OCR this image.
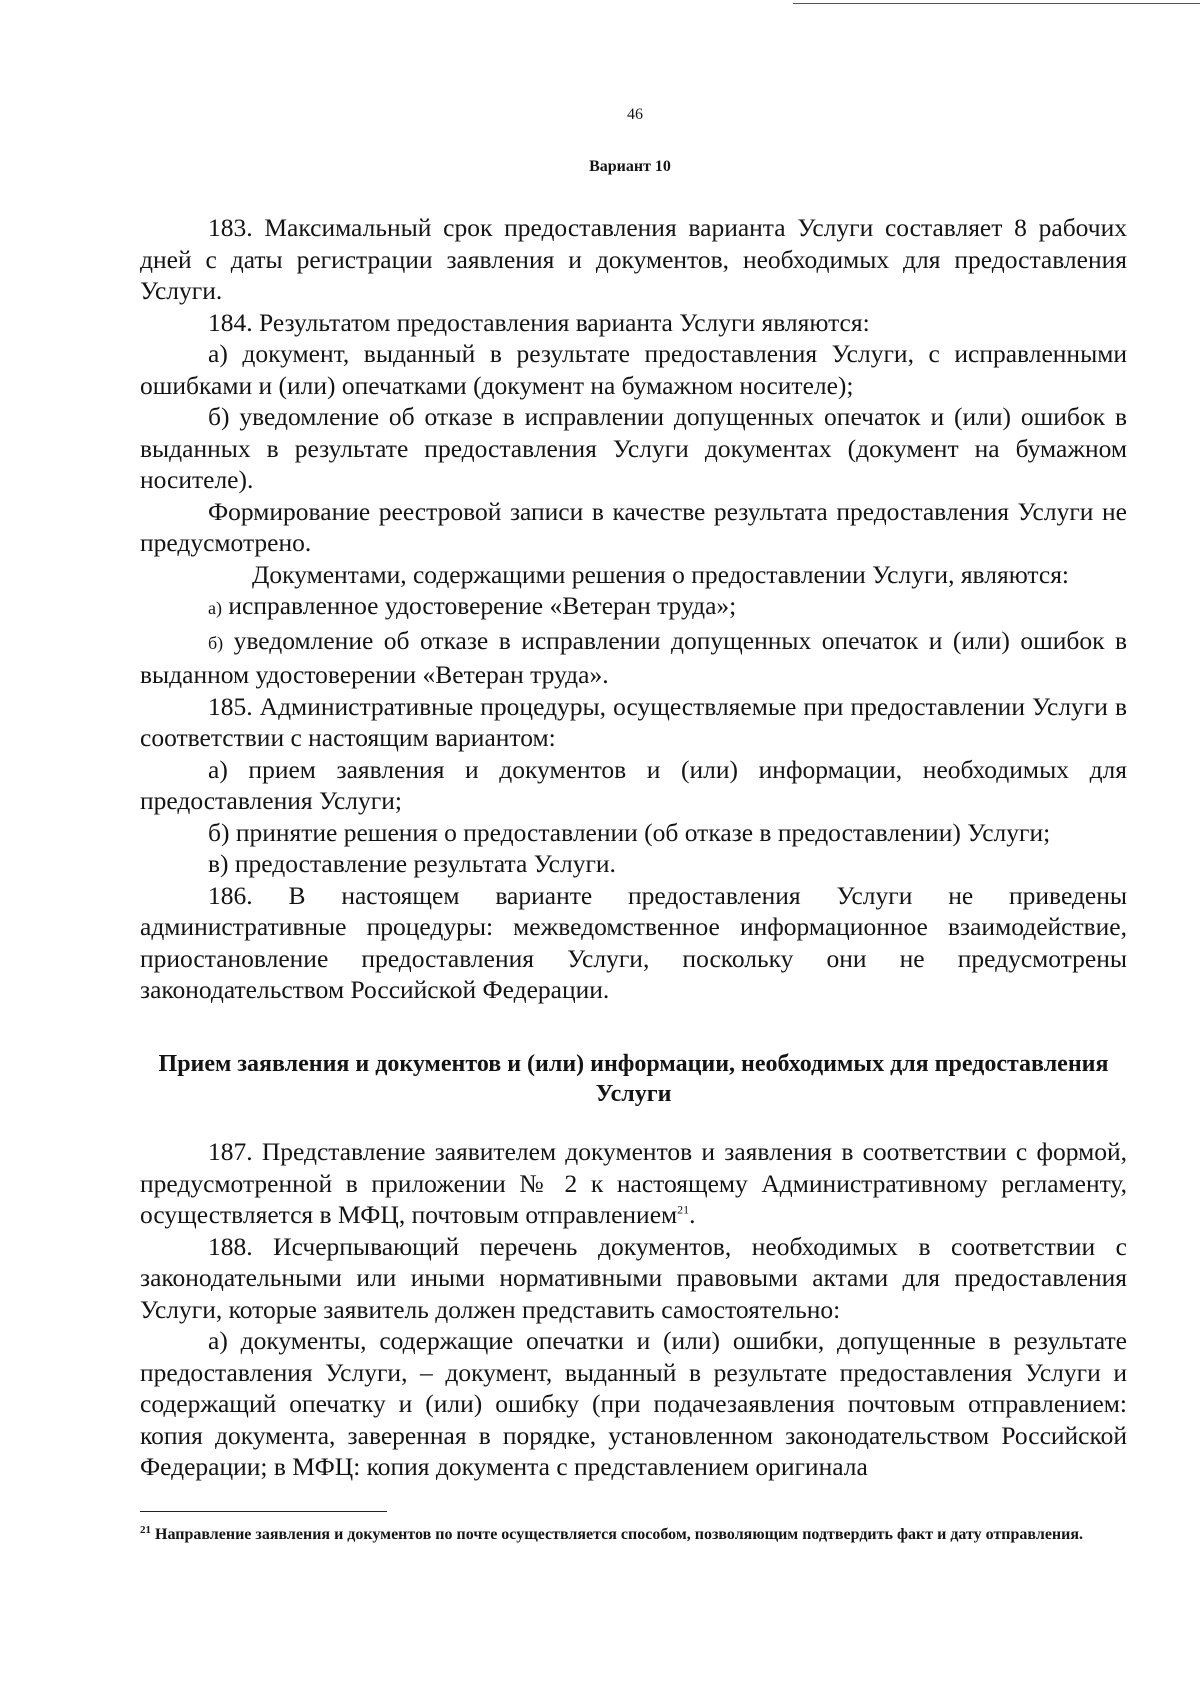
46
Вариант 10

183. Максимальный срок предоставления варианта Услуги составляет 8 рабочих дней с даты регистрации заявления и документов, необходимых для предоставления Услуги.

184. Результатом предоставления варианта Услуги являются:

а) документ, выданный в результате предоставления Услуги, с исправленными ошибками и (или) опечатками (документ на бумажном носителе);

б) уведомление об отказе в исправлении допущенных опечаток и (или) ошибок в выданных в результате предоставления Услуги документах (документ на бумажном носителе).

Формирование реестровой записи в качестве результата предоставления Услуги не предусмотрено.

Документами, содержащими решения о предоставлении Услуги, являются:

а) исправленное удостоверение «Ветеран труда»;

б) уведомление об отказе в исправлении допущенных опечаток и (или) ошибок в выданном удостоверении «Ветеран труда».

185. Административные процедуры, осуществляемые при предоставлении Услуги в соответствии с настоящим вариантом:

а) прием заявления и документов и (или) информации, необходимых для предоставления Услуги;

б) принятие решения о предоставлении (об отказе в предоставлении) Услуги;

в) предоставление результата Услуги.

186. В настоящем варианте предоставления Услуги не приведены административные процедуры: межведомственное информационное взаимодействие, приостановление предоставления Услуги, поскольку они не предусмотрены законодательством Российской Федерации.

Прием заявления и документов и (или) информации, необходимых для предоставления Услуги

187. Представление заявителем документов и заявления в соответствии с формой, предусмотренной в приложении № 2 к настоящему Административному регламенту, осуществляется в МФЦ, почтовым отправлением$^{21}$.

188. Исчерпывающий перечень документов, необходимых в соответствии с законодательными или иными нормативными правовыми актами для предоставления Услуги, которые заявитель должен представить самостоятельно:

а) документы, содержащие опечатки и (или) ошибки, допущенные в результате предоставления Услуги, – документ, выданный в результате предоставления Услуги и содержащий опечатку и (или) ошибку (при подачезаявления почтовым отправлением: копия документа, заверенная в порядке, установленном законодательством Российской Федерации; в МФЦ: копия документа с представлением оригинала

$^{21}$ Направление заявления и документов по почте осуществляется способом, позволяющим подтвердить факт и дату отправления.
